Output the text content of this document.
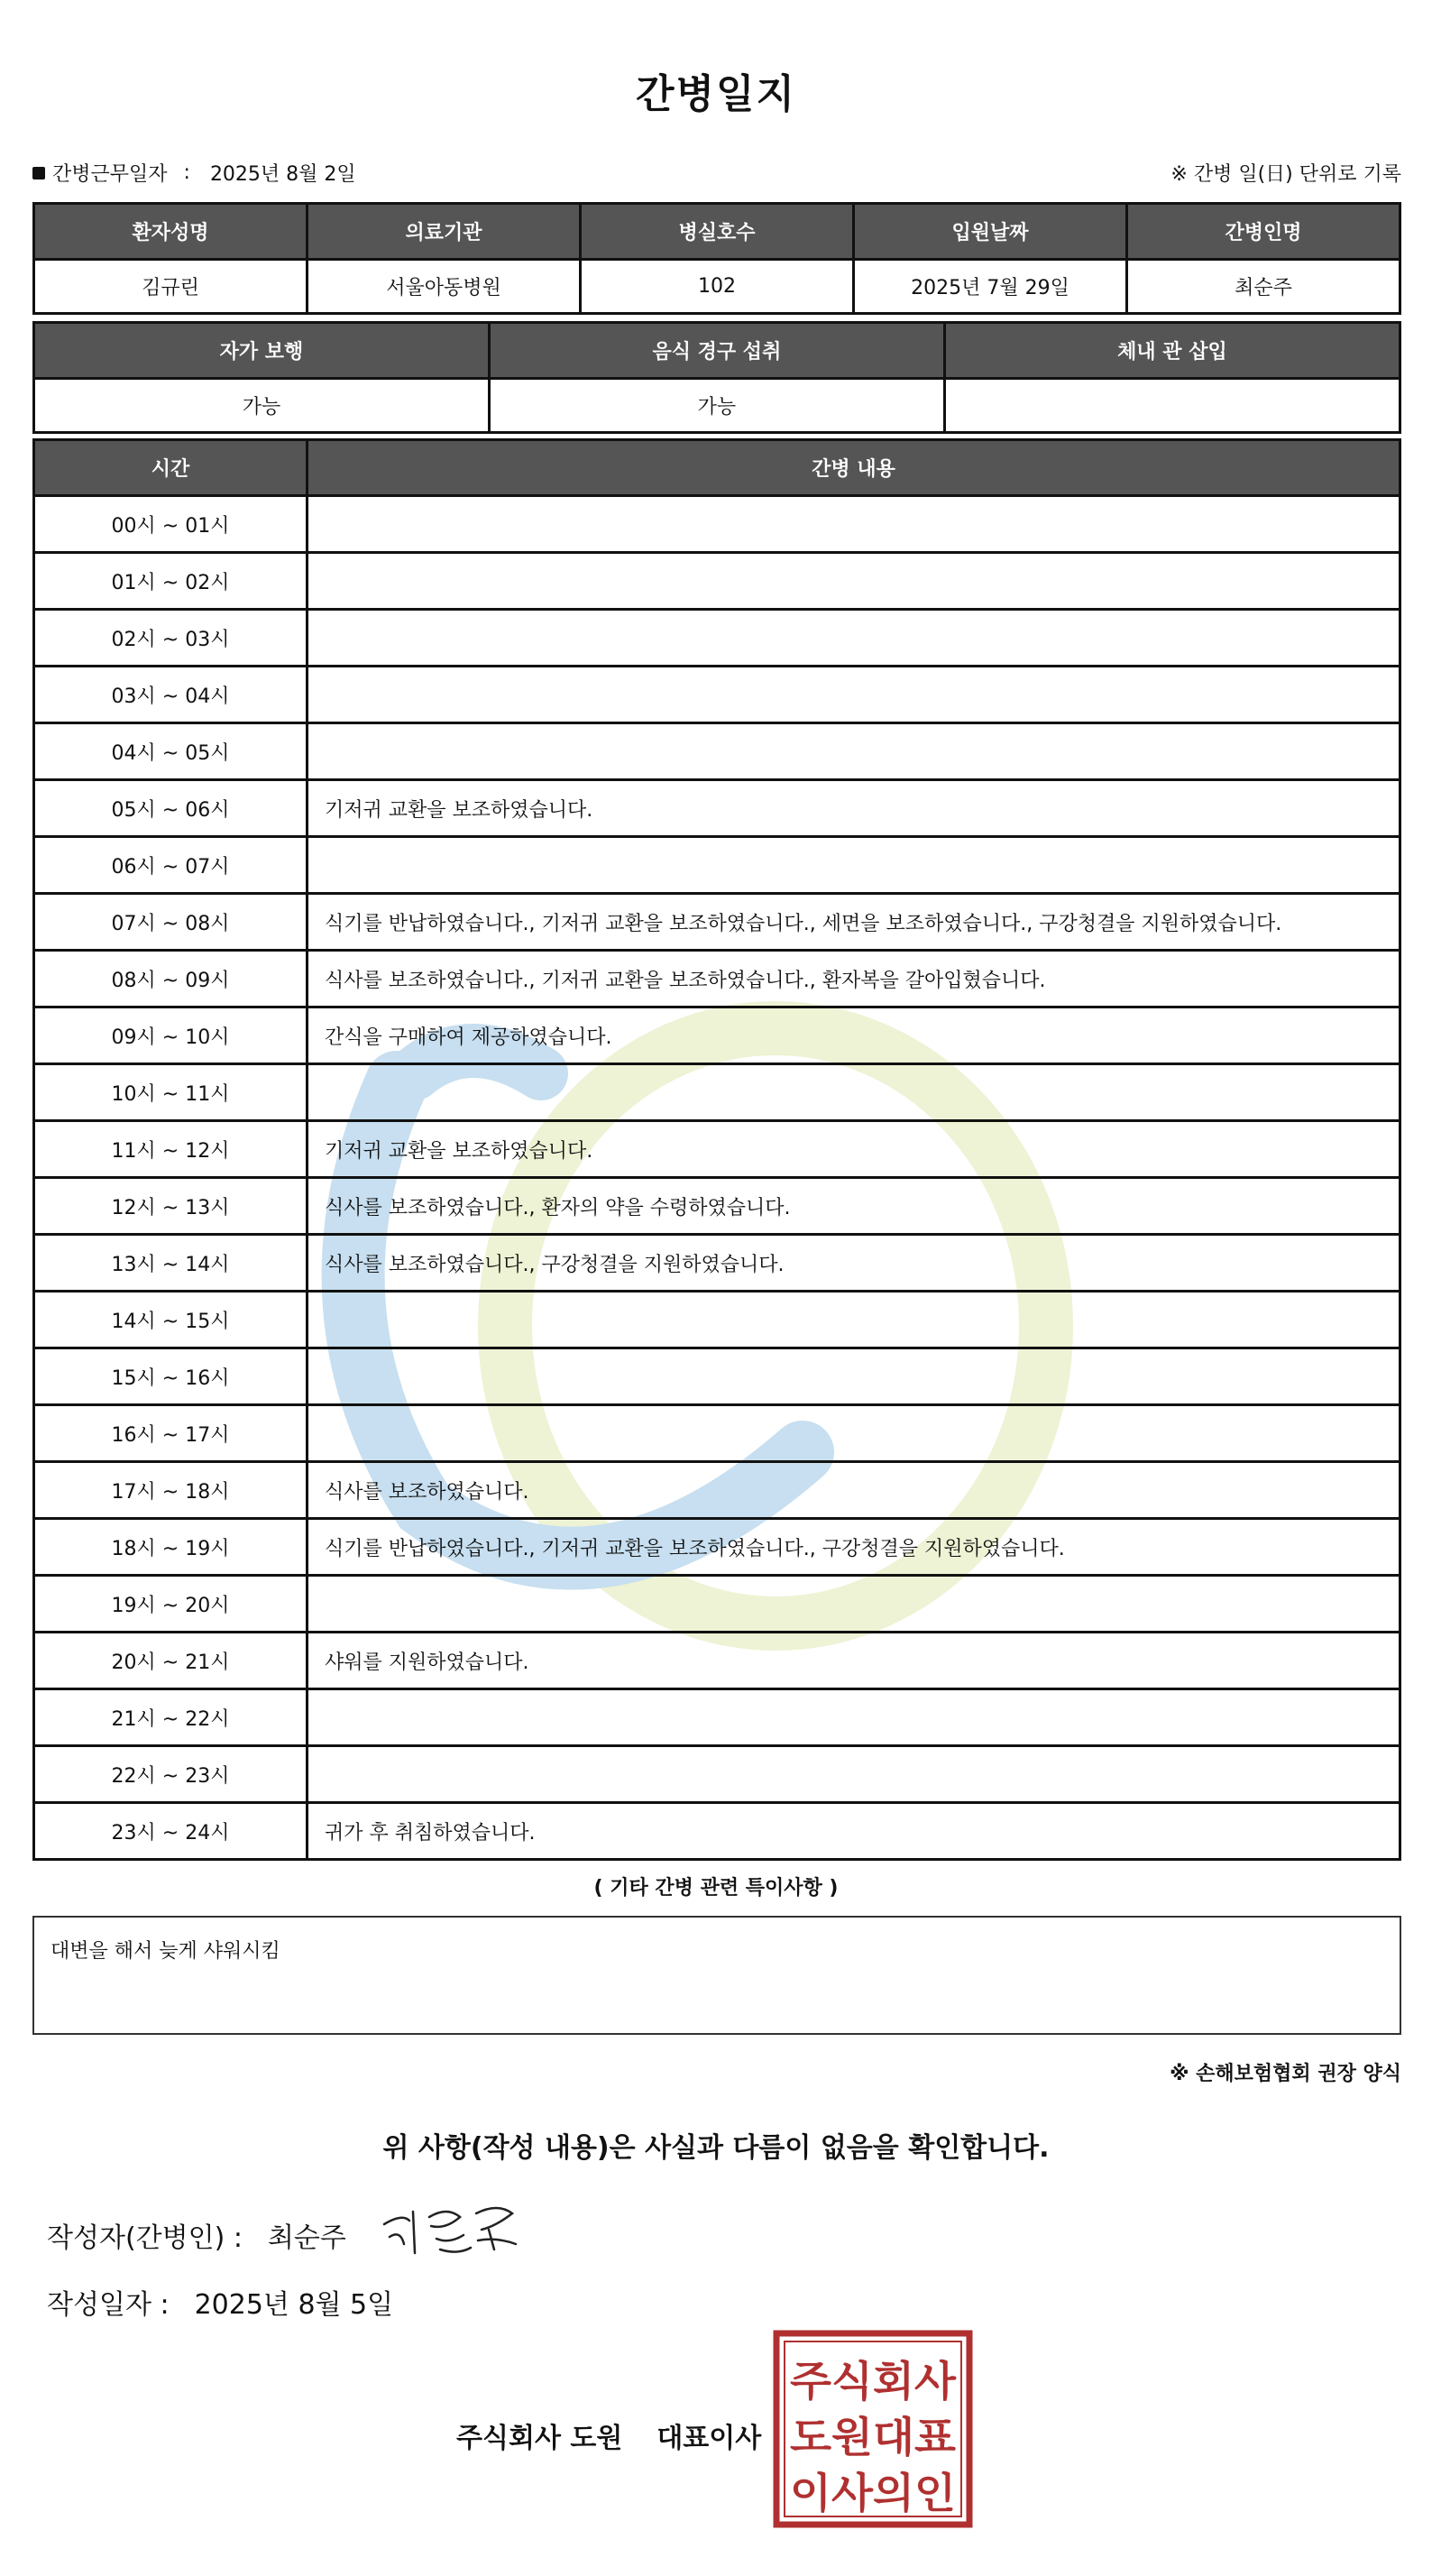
간병일지
간병근무일자 : 2025년 8월 2일	※ 간병 일(日) 단위로 기록
환자성명	의료기관	병실호수	입원날짜	간병인명
김규린	서울아동병원	102	2025년 7월 29일	최순주
자가 보행	음식 경구 섭취	체내 관 삽입
가능	가능	
시간	간병 내용
00시 ~ 01시	
01시 ~ 02시	
02시 ~ 03시	
03시 ~ 04시	
04시 ~ 05시	
05시 ~ 06시	기저귀 교환을 보조하였습니다.
06시 ~ 07시	
07시 ~ 08시	식기를 반납하였습니다., 기저귀 교환을 보조하였습니다., 세면을 보조하였습니다., 구강청결을 지원하였습니다.
08시 ~ 09시	식사를 보조하였습니다., 기저귀 교환을 보조하였습니다., 환자복을 갈아입혔습니다.
09시 ~ 10시	간식을 구매하여 제공하였습니다.
10시 ~ 11시	
11시 ~ 12시	기저귀 교환을 보조하였습니다.
12시 ~ 13시	식사를 보조하였습니다., 환자의 약을 수령하였습니다.
13시 ~ 14시	식사를 보조하였습니다., 구강청결을 지원하였습니다.
14시 ~ 15시	
15시 ~ 16시	
16시 ~ 17시	
17시 ~ 18시	식사를 보조하였습니다.
18시 ~ 19시	식기를 반납하였습니다., 기저귀 교환을 보조하였습니다., 구강청결을 지원하였습니다.
19시 ~ 20시	
20시 ~ 21시	샤워를 지원하였습니다.
21시 ~ 22시	
22시 ~ 23시	
23시 ~ 24시	귀가 후 취침하였습니다.
( 기타 간병 관련 특이사항 )
대변을 해서 늦게 샤워시킴
※ 손해보험협회 권장 양식
위 사항(작성 내용)은 사실과 다름이 없음을 확인합니다.
작성자(간병인) : 최순주
작성일자 : 2025년 8월 5일
주식회사 도원 대표이사
주식회사
도원대표
이사의인
